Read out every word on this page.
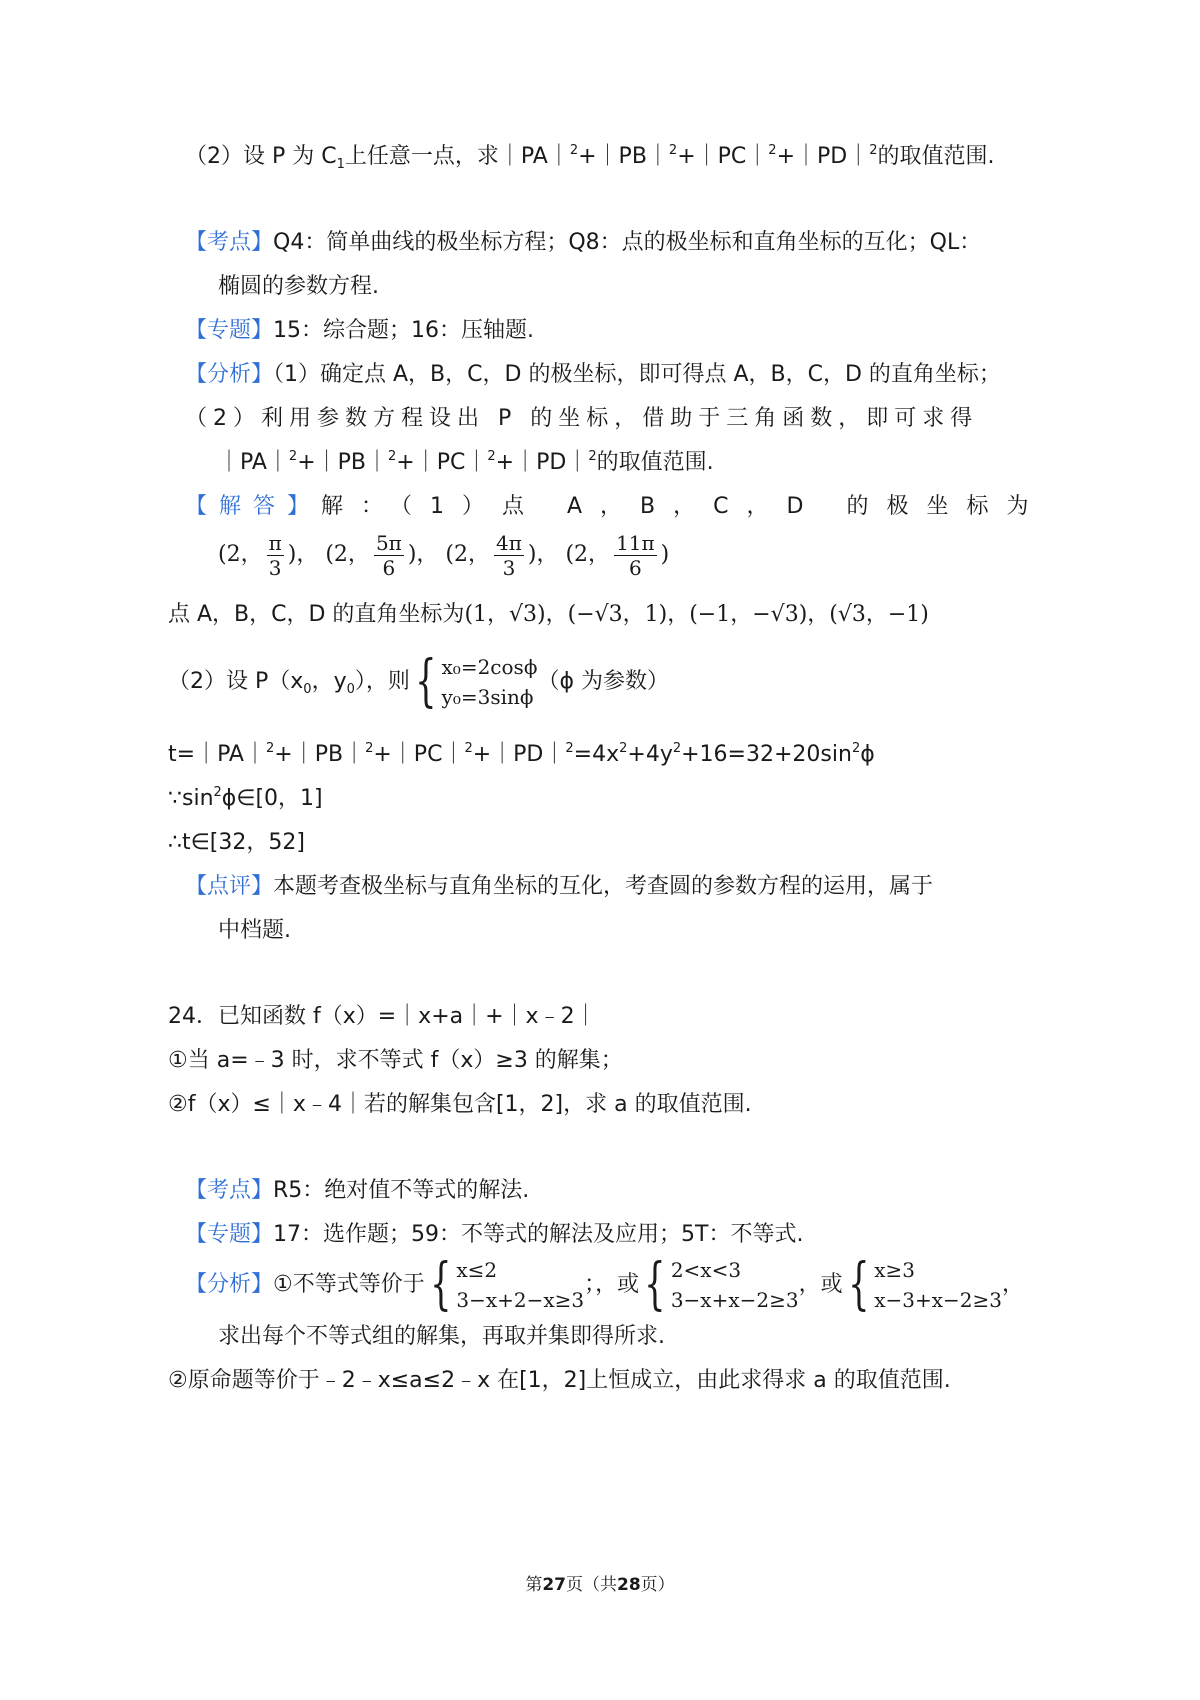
（2）设 P 为 $C_1$上任意一点，求｜PA｜$^2$+｜PB｜$^2$+｜PC｜$^2$+｜PD｜$^2$的取值范围.
【考点】Q4：简单曲线的极坐标方程；Q8：点的极坐标和直角坐标的互化；QL：
椭圆的参数方程.
【专题】15：综合题；16：压轴题.
【分析】（1）确定点 A，B，C，D 的极坐标，即可得点 A，B，C，D 的直角坐标；
（2）利用参数方程设出 P 的坐标，借助于三角函数，即可求得
｜PA｜$^2$+｜PB｜$^2$+｜PC｜$^2$+｜PD｜$^2$的取值范围.
【解答】解：（1）点 A，B，C，D 的极坐标为
(2， $\frac{\pi}{3}$ )， (2， $\frac{5\pi}{6}$ )， (2， $\frac{4\pi}{3}$ )， (2， $\frac{11\pi}{6}$ )
点 A，B，C，D 的直角坐标为(1，√3)，(−√3，1)，(−1，−√3)，(√3，−1)
（2）设 $P(x_0$，$y_0$），则{ x₀=2cosϕ
y₀=3sinϕ
（ϕ 为参数）
$t=|PA|^2+|PB|^2+|PC|^2+|PD|^2=4x^2+4y^2+16=32+20\sin^2\phi$
$\because\sin^2\phi\in[0$，1]
∴t∈[32，52]
【点评】本题考查极坐标与直角坐标的互化，考查圆的参数方程的运用，属于
中档题.
24．已知函数 f（x）=｜x+a｜+｜x﹣2｜
①当 a=﹣3 时，求不等式 f（x）≥3 的解集；
②f（x）≤｜x﹣4｜若的解集包含[1，2]，求 a 的取值范围.
【考点】R5：绝对值不等式的解法.
【专题】17：选作题；59：不等式的解法及应用；5T：不等式.
【分析】①不等式等价于{ x≤2
3−x+2−x≥3
；，或{ 2<x<3
3−x+x−2≥3
，或{ x≥3
x−3+x−2≥3
，
求出每个不等式组的解集，再取并集即得所求.
②原命题等价于﹣2﹣x≤a≤2﹣x 在[1，2]上恒成立，由此求得求 a 的取值范围.
第27页（共28页）
